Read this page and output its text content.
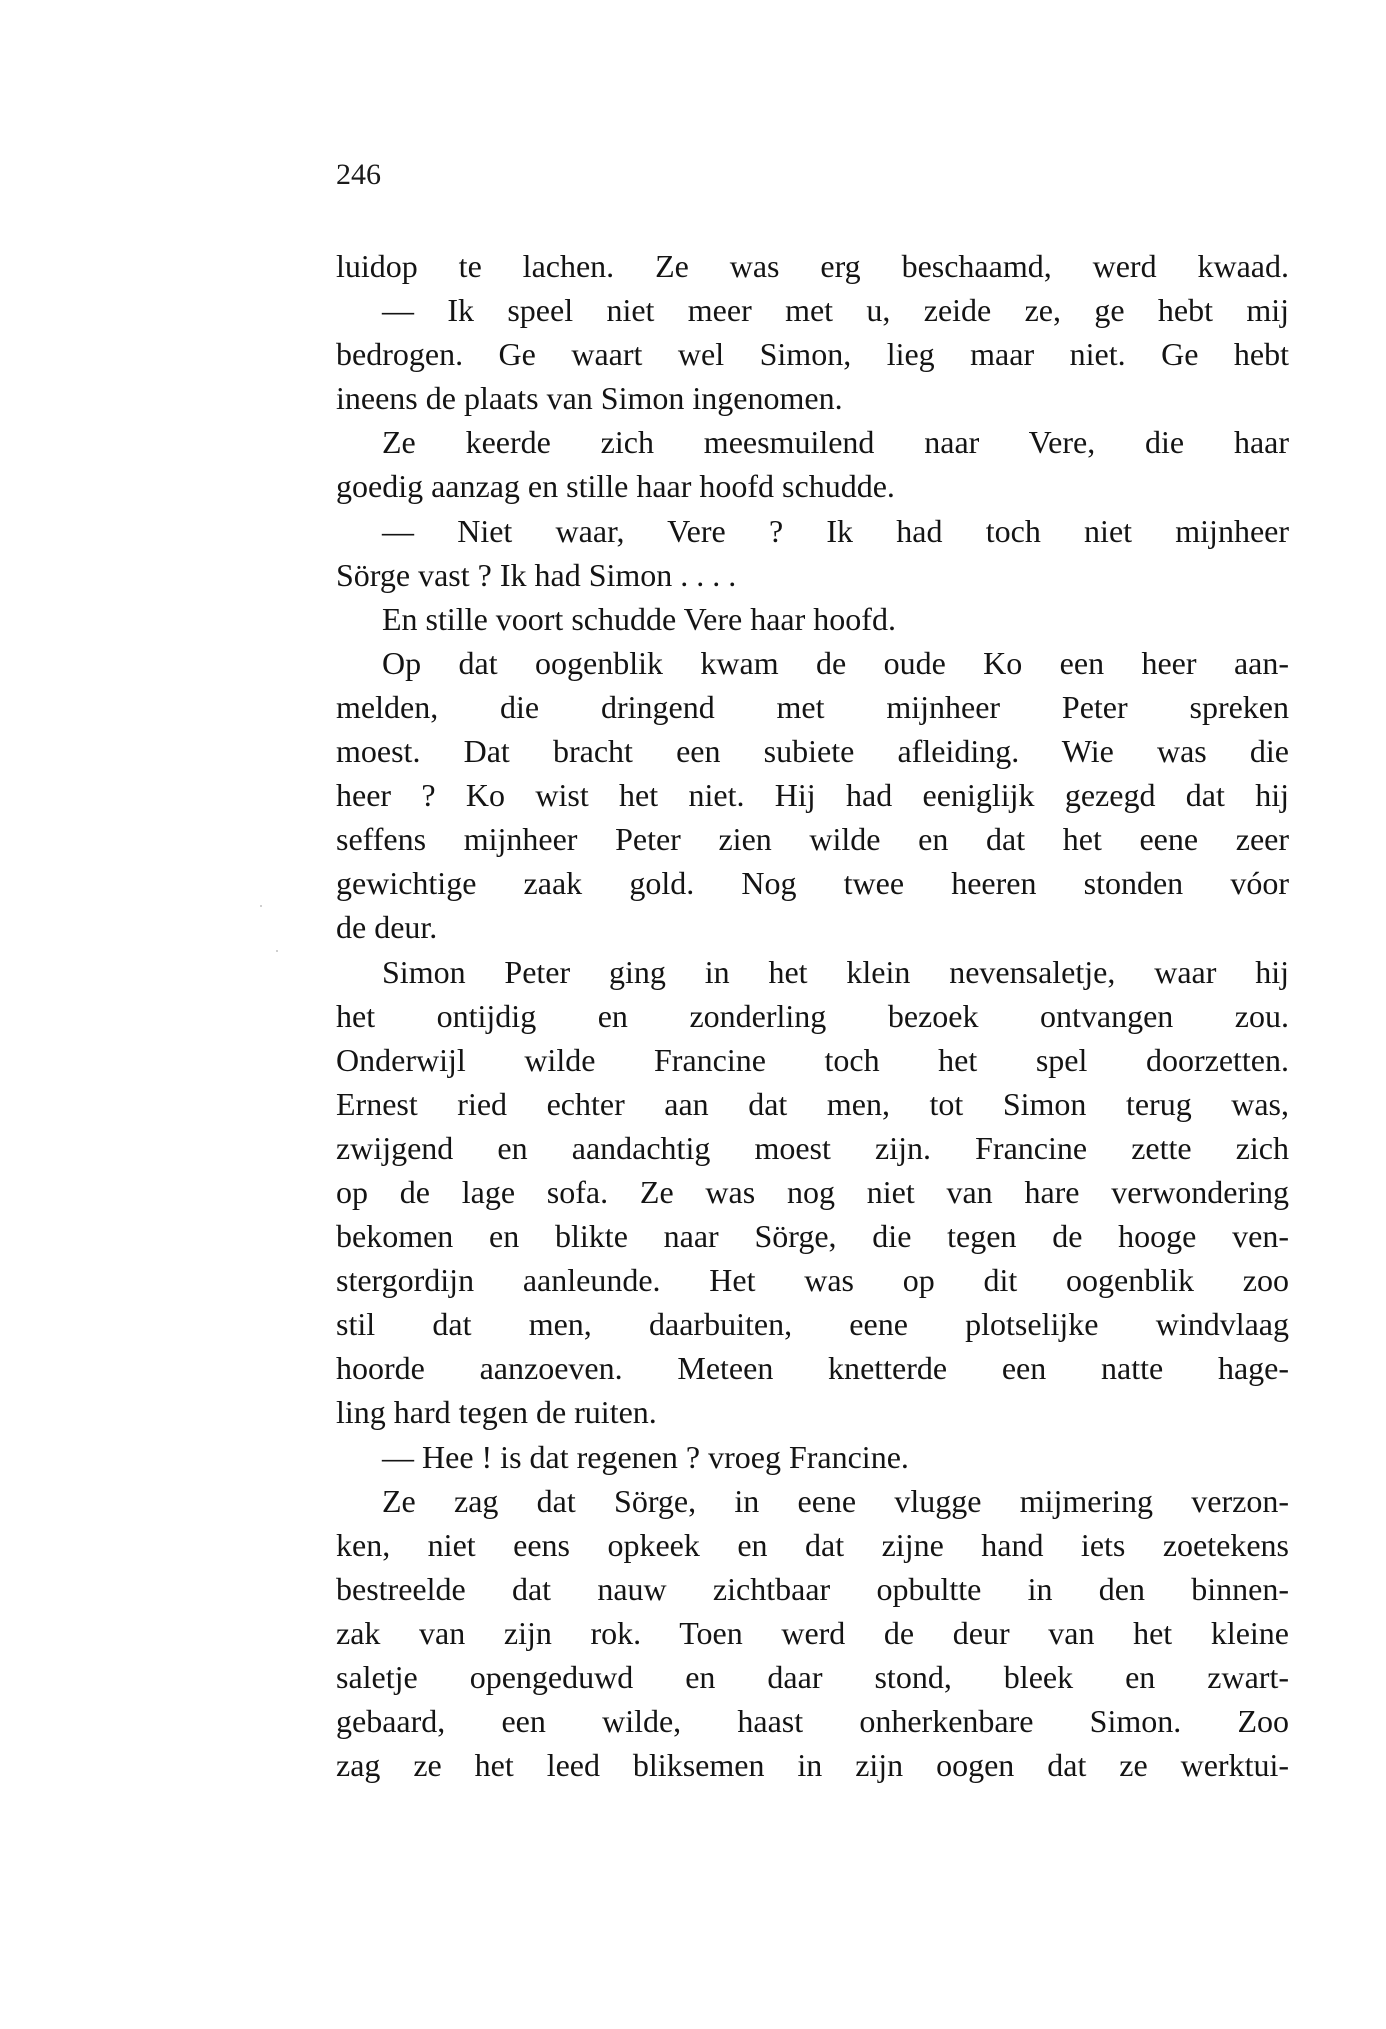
246
luidop te lachen. Ze was erg beschaamd, werd kwaad.
— Ik speel niet meer met u, zeide ze, ge hebt mij
bedrogen. Ge waart wel Simon, lieg maar niet. Ge hebt
ineens de plaats van Simon ingenomen.
Ze keerde zich meesmuilend naar Vere, die haar
goedig aanzag en stille haar hoofd schudde.
— Niet waar, Vere ? Ik had toch niet mijnheer
Sörge vast ? Ik had Simon . . . .
En stille voort schudde Vere haar hoofd.
Op dat oogenblik kwam de oude Ko een heer aan-
melden, die dringend met mijnheer Peter spreken
moest. Dat bracht een subiete afleiding. Wie was die
heer ? Ko wist het niet. Hij had eeniglijk gezegd dat hij
seffens mijnheer Peter zien wilde en dat het eene zeer
gewichtige zaak gold. Nog twee heeren stonden vóor
de deur.
Simon Peter ging in het klein nevensaletje, waar hij
het ontijdig en zonderling bezoek ontvangen zou.
Onderwijl wilde Francine toch het spel doorzetten.
Ernest ried echter aan dat men, tot Simon terug was,
zwijgend en aandachtig moest zijn. Francine zette zich
op de lage sofa. Ze was nog niet van hare verwondering
bekomen en blikte naar Sörge, die tegen de hooge ven-
stergordijn aanleunde. Het was op dit oogenblik zoo
stil dat men, daarbuiten, eene plotselijke windvlaag
hoorde aanzoeven. Meteen knetterde een natte hage-
ling hard tegen de ruiten.
— Hee ! is dat regenen ? vroeg Francine.
Ze zag dat Sörge, in eene vlugge mijmering verzon-
ken, niet eens opkeek en dat zijne hand iets zoetekens
bestreelde dat nauw zichtbaar opbultte in den binnen-
zak van zijn rok. Toen werd de deur van het kleine
saletje opengeduwd en daar stond, bleek en zwart-
gebaard, een wilde, haast onherkenbare Simon. Zoo
zag ze het leed bliksemen in zijn oogen dat ze werktui-
